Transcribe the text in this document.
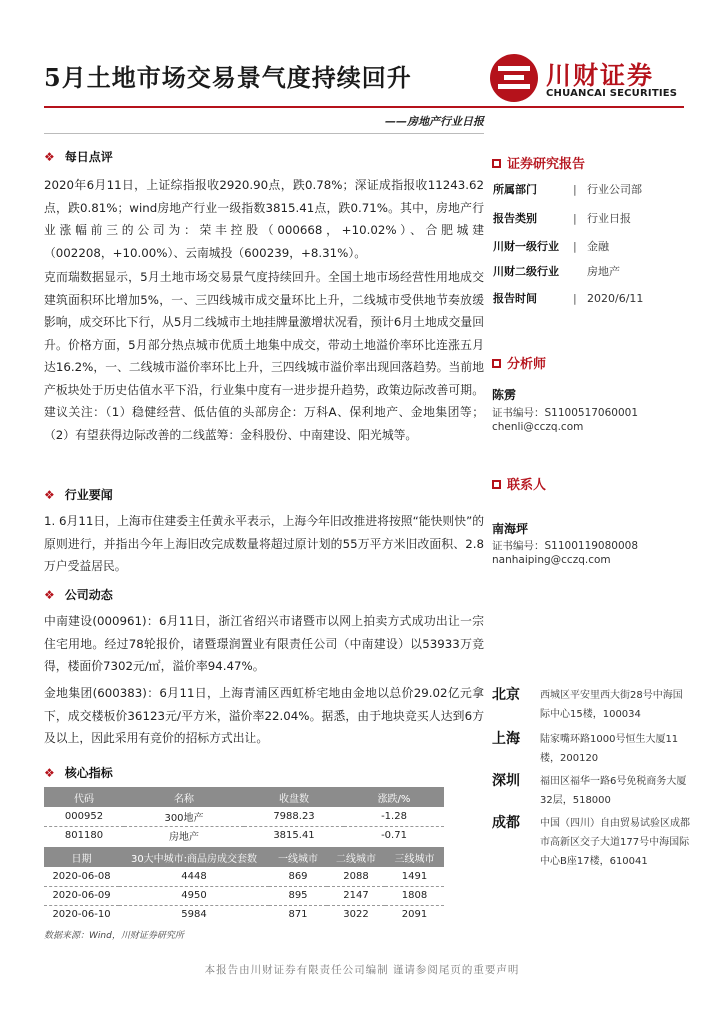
5月土地市场交易景气度持续回升	川财证券
CHUANCAI SECURITIES
——房地产行业日报
❖ 每日点评
2020年6月11日，上证综指报收2920.90点，跌0.78%；深证成指报收11243.62点，跌0.81%；wind房地产行业一级指数3815.41点，跌0.71%。其中，房地产行业涨幅前三的公司为：荣丰控股（000668，+10.02%）、合肥城建（002208，+10.00%）、云南城投（600239，+8.31%）。
克而瑞数据显示，5月土地市场交易景气度持续回升。全国土地市场经营性用地成交建筑面积环比增加5%，一、三四线城市成交量环比上升，二线城市受供地节奏放缓影响，成交环比下行，从5月二线城市土地挂牌量激增状况看，预计6月土地成交量回升。价格方面，5月部分热点城市优质土地集中成交，带动土地溢价率环比连涨五月达16.2%，一、二线城市溢价率环比上升，三四线城市溢价率出现回落趋势。当前地产板块处于历史估值水平下沿，行业集中度有一进步提升趋势，政策边际改善可期。建议关注：（1）稳健经营、低估值的头部房企：万科A、保利地产、金地集团等；（2）有望获得边际改善的二线蓝筹：金科股份、中南建设、阳光城等。
❖ 行业要闻
1. 6月11日，上海市住建委主任黄永平表示，上海今年旧改推进将按照“能快则快”的原则进行，并指出今年上海旧改完成数量将超过原计划的55万平方米旧改面积、2.8万户受益居民。
❖ 公司动态
中南建设(000961)：6月11日，浙江省绍兴市诸暨市以网上拍卖方式成功出让一宗住宅用地。经过78轮报价，诸暨璟润置业有限责任公司（中南建设）以53933万竞得，楼面价7302元/㎡，溢价率94.47%。
金地集团(600383)：6月11日，上海青浦区西虹桥宅地由金地以总价29.02亿元拿下，成交楼板价36123元/平方米，溢价率22.04%。据悉，由于地块竞买人达到6方及以上，因此采用有竞价的招标方式出让。
❖ 核心指标
代码	名称	收盘数	涨跌/%
000952	300地产	7988.23	-1.28
801180	房地产	3815.41	-0.71
日期	30大中城市:商品房成交套数	一线城市	二线城市	三线城市
2020-06-08	4448	869	2088	1491
2020-06-09	4950	895	2147	1808
2020-06-10	5984	871	3022	2091
数据来源：Wind，川财证券研究所
证券研究报告
所属部门	| 行业公司部
报告类别	| 行业日报
川财一级行业 | 金融
川财二级行业	房地产
报告时间	| 2020/6/11
分析师
陈雳
证书编号：S1100517060001
chenli@cczq.com
联系人
南海坪
证书编号：S1100119080008
nanhaiping@cczq.com
北京 西城区平安里西大街28号中海国际中心15楼，100034
上海 陆家嘴环路1000号恒生大厦11楼，200120
深圳 福田区福华一路6号免税商务大厦32层，518000
成都 中国（四川）自由贸易试验区成都市高新区交子大道177号中海国际中心B座17楼，610041
本报告由川财证券有限责任公司编制 谨请参阅尾页的重要声明
